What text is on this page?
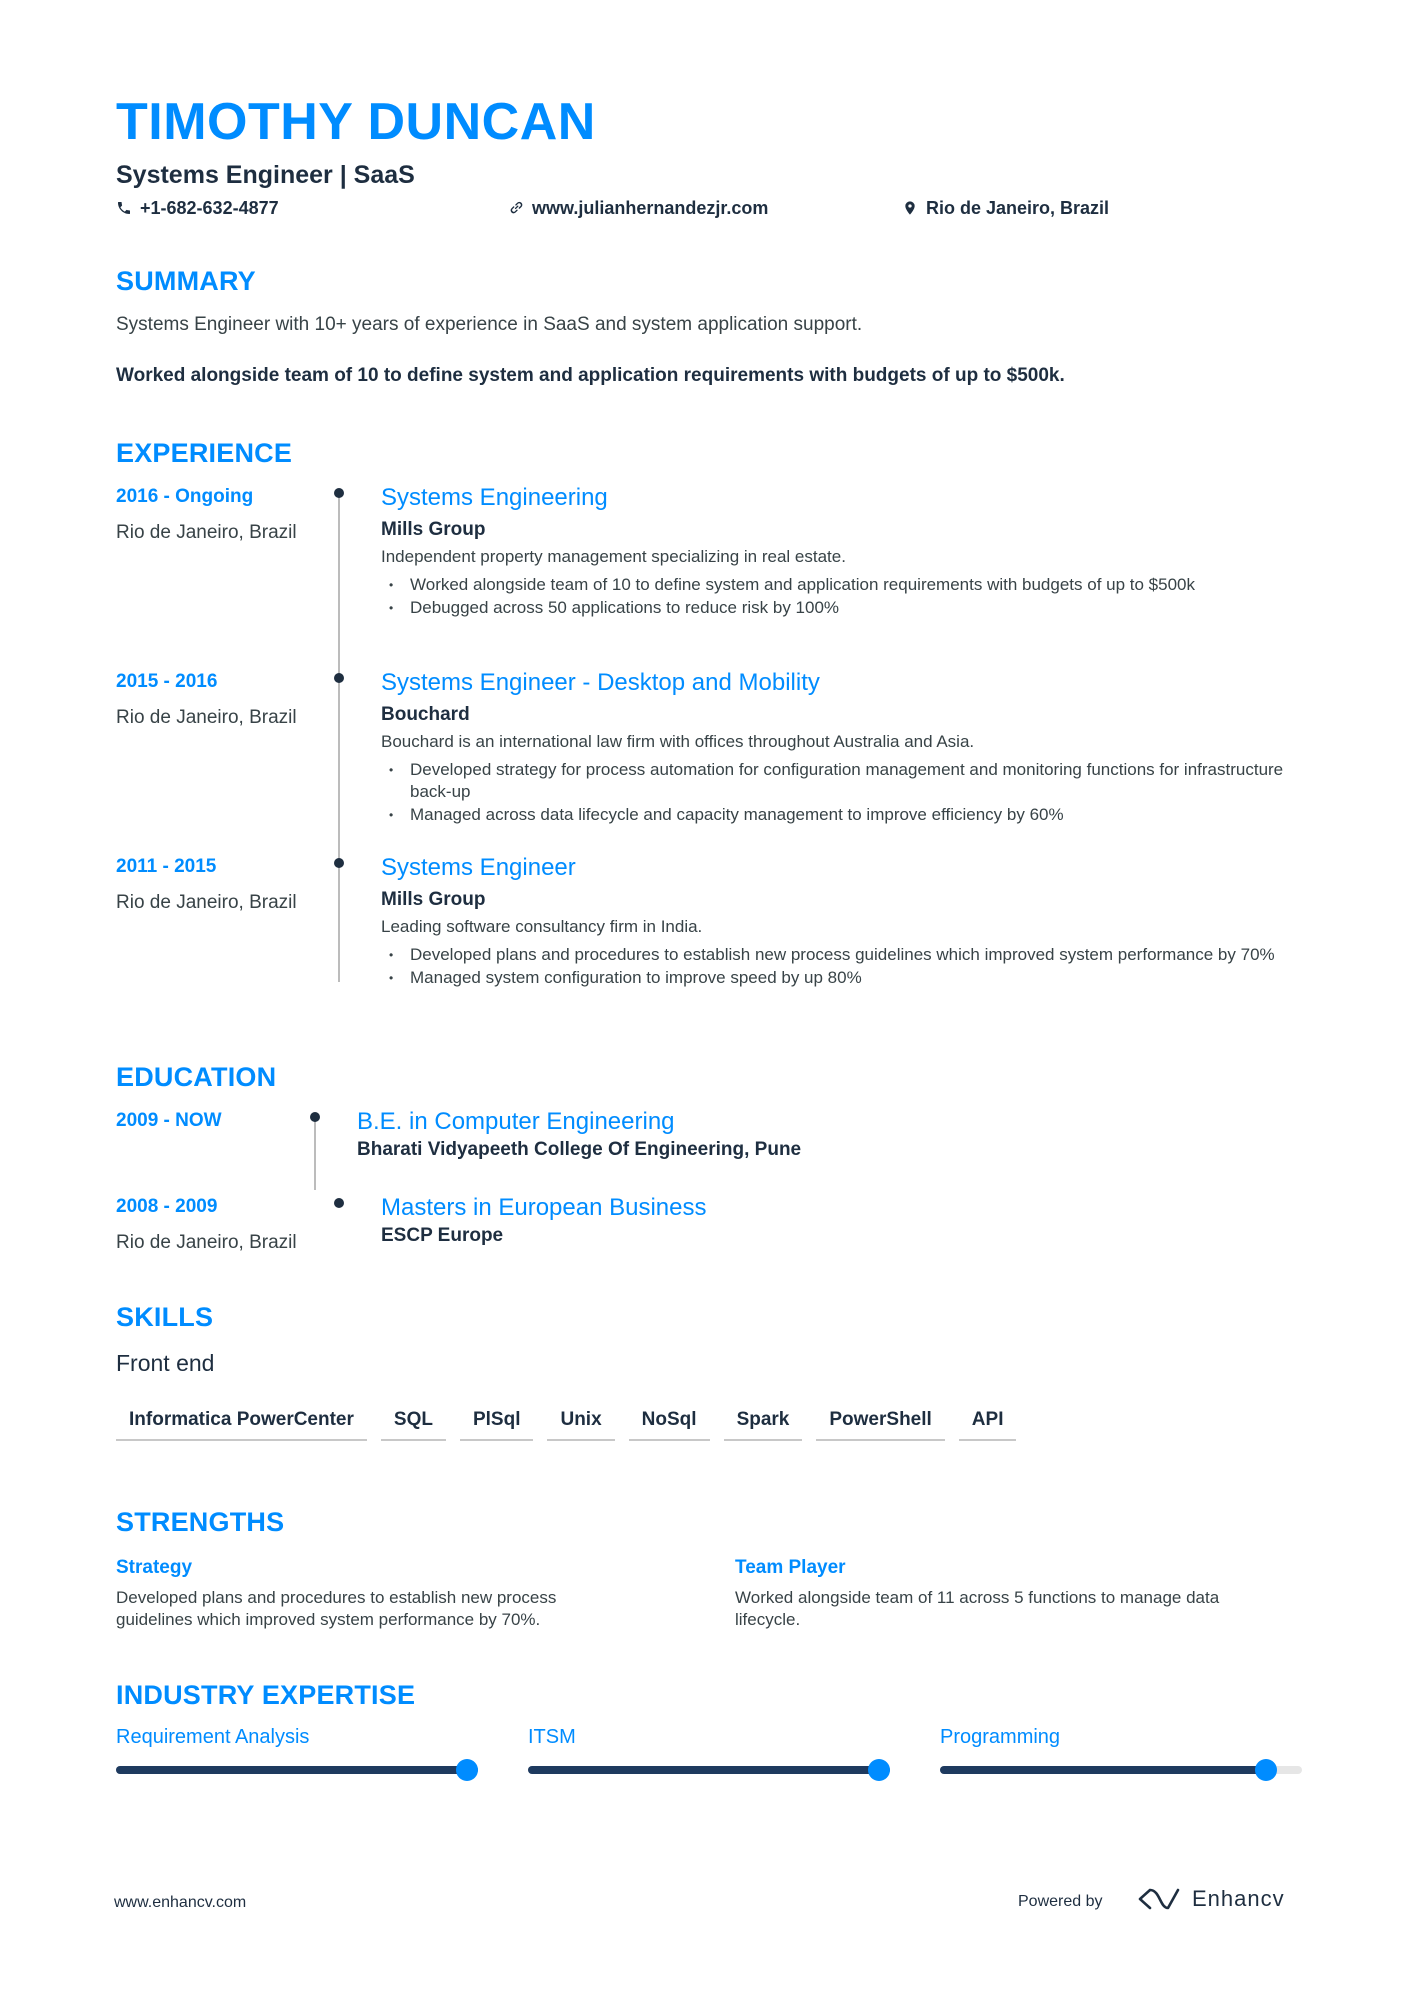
TIMOTHY DUNCAN
Systems Engineer | SaaS
+1-682-632-4877	www.julianhernandezjr.com	Rio de Janeiro, Brazil
SUMMARY
Systems Engineer with 10+ years of experience in SaaS and system application support.
Worked alongside team of 10 to define system and application requirements with budgets of up to $500k.
EXPERIENCE
2016 - Ongoing
Rio de Janeiro, Brazil
Systems Engineering
Mills Group
Independent property management specializing in real estate.
• Worked alongside team of 10 to define system and application requirements with budgets of up to $500k
• Debugged across 50 applications to reduce risk by 100%
2015 - 2016
Rio de Janeiro, Brazil
Systems Engineer - Desktop and Mobility
Bouchard
Bouchard is an international law firm with offices throughout Australia and Asia.
• Developed strategy for process automation for configuration management and monitoring functions for infrastructure back-up
• Managed across data lifecycle and capacity management to improve efficiency by 60%
2011 - 2015
Rio de Janeiro, Brazil
Systems Engineer
Mills Group
Leading software consultancy firm in India.
• Developed plans and procedures to establish new process guidelines which improved system performance by 70%
• Managed system configuration to improve speed by up 80%
EDUCATION
2009 - NOW	B.E. in Computer Engineering
Bharati Vidyapeeth College Of Engineering, Pune
2008 - 2009
Rio de Janeiro, Brazil
Masters in European Business
ESCP Europe
SKILLS
Front end
Informatica PowerCenter	SQL	PlSql	Unix	NoSql	Spark	PowerShell	API
STRENGTHS
Strategy
Developed plans and procedures to establish new process guidelines which improved system performance by 70%.
Team Player
Worked alongside team of 11 across 5 functions to manage data lifecycle.
INDUSTRY EXPERTISE
Requirement Analysis	ITSM	Programming
www.enhancv.com	Powered by	Enhancv
